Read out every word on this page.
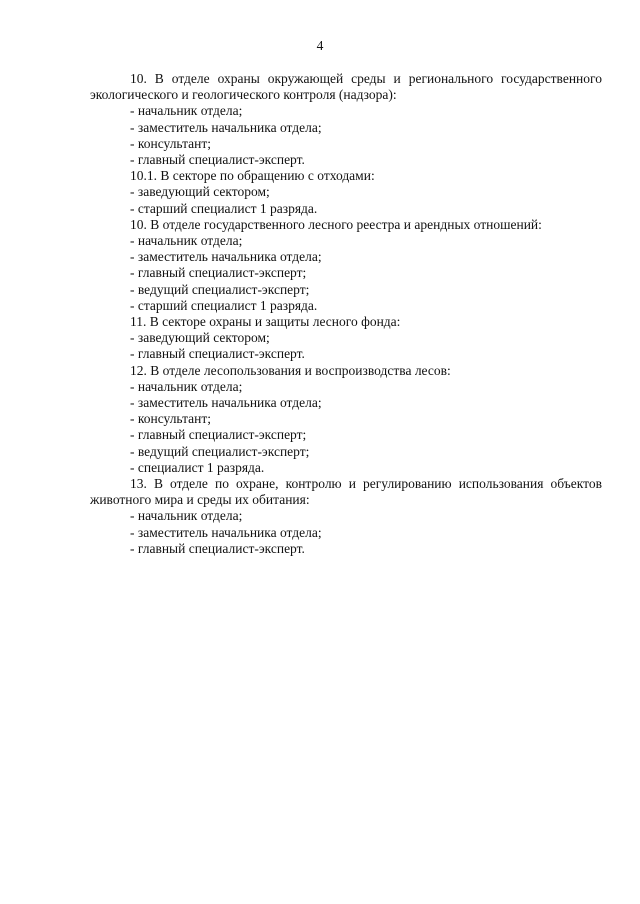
4

10. В отделе охраны окружающей среды и регионального государственного экологического и геологического контроля (надзора):

- начальник отдела;

- заместитель начальника отдела;

- консультант;

- главный специалист-эксперт.

10.1. В секторе по обращению с отходами:

- заведующий сектором;

- старший специалист 1 разряда.

10. В отделе государственного лесного реестра и арендных отношений:

- начальник отдела;

- заместитель начальника отдела;

- главный специалист-эксперт;

- ведущий специалист-эксперт;

- старший специалист 1 разряда.

11. В секторе охраны и защиты лесного фонда:

- заведующий сектором;

- главный специалист-эксперт.

12. В отделе лесопользования и воспроизводства лесов:

- начальник отдела;

- заместитель начальника отдела;

- консультант;

- главный специалист-эксперт;

- ведущий специалист-эксперт;

- специалист 1 разряда.

13. В отделе по охране, контролю и регулированию использования объектов животного мира и среды их обитания:

- начальник отдела;

- заместитель начальника отдела;

- главный специалист-эксперт.
